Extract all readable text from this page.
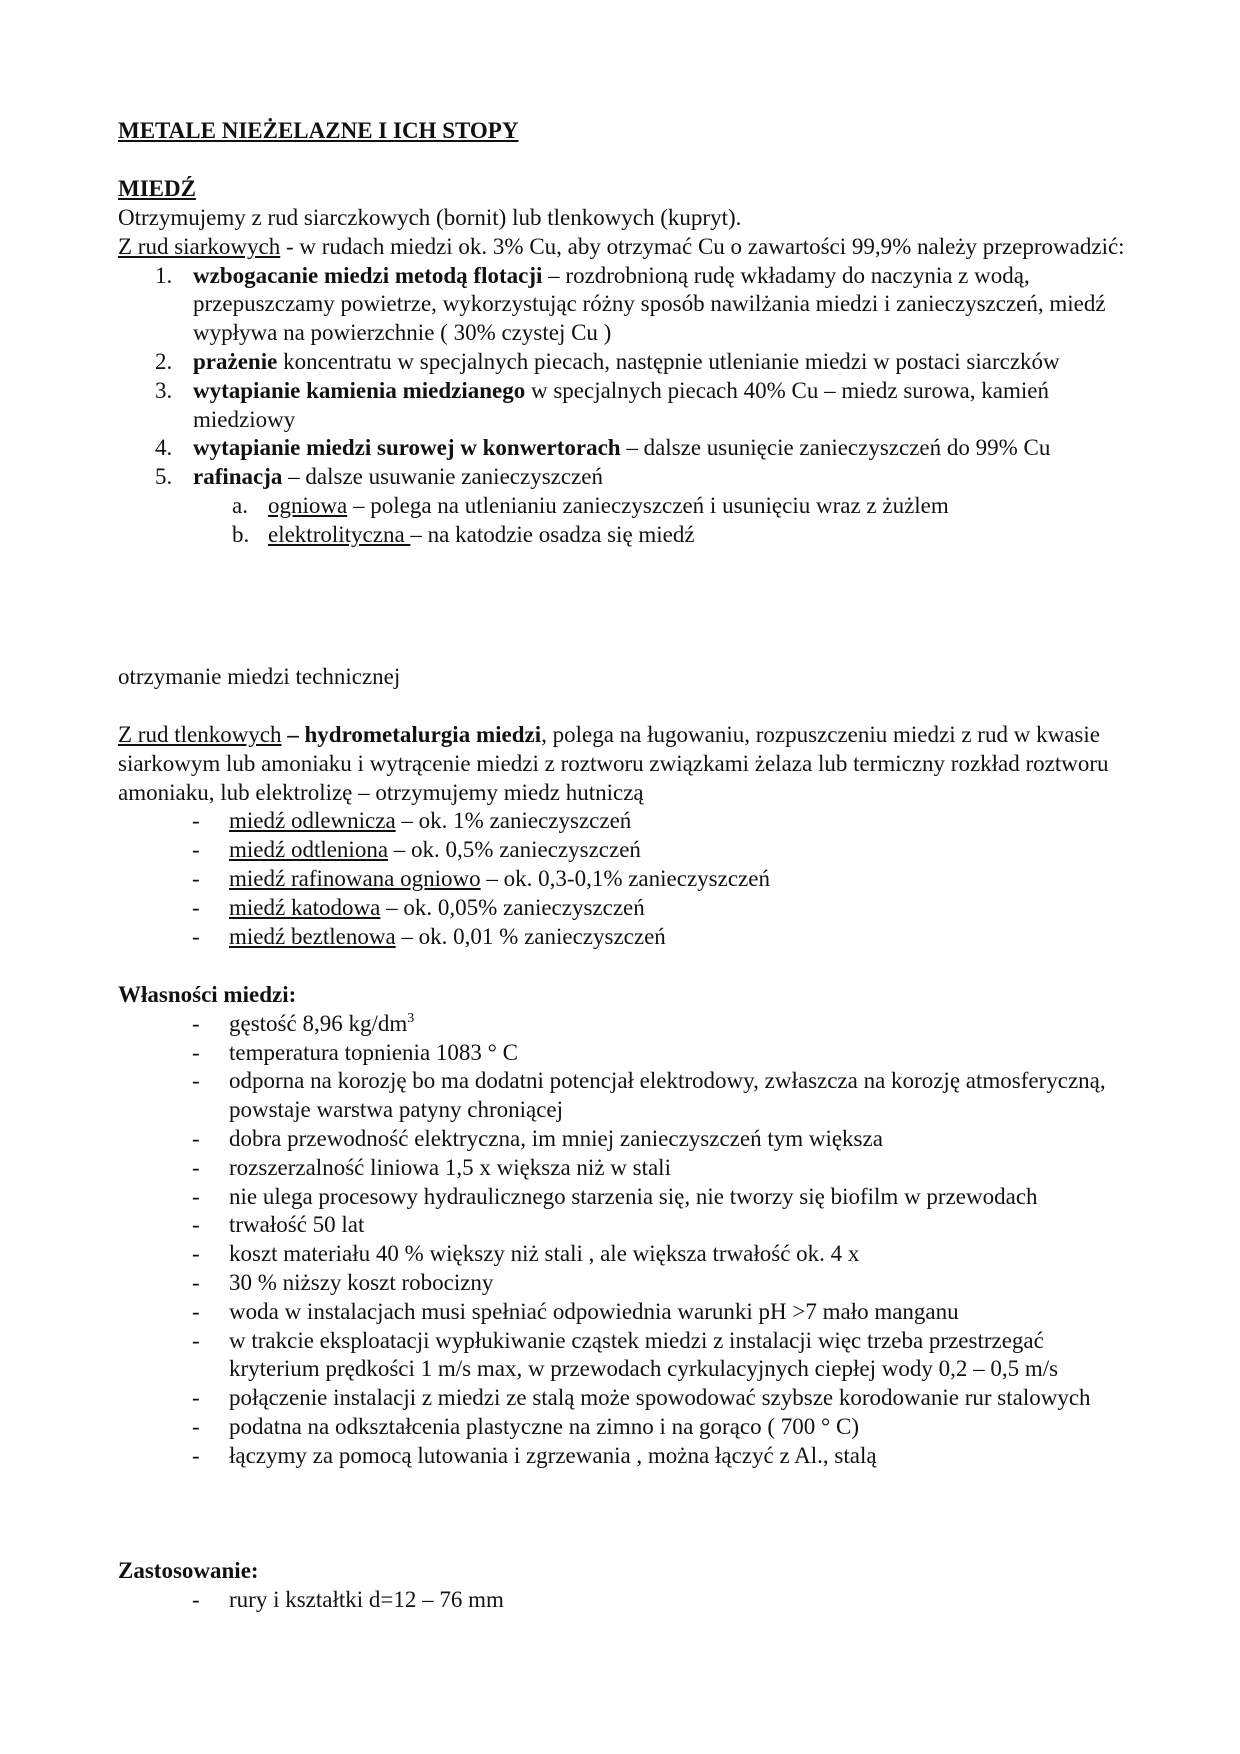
METALE NIEŻELAZNE I ICH STOPY
MIEDŹ

Otrzymujemy z rud siarczkowych (bornit) lub tlenkowych (kupryt).

Z rud siarkowych - w rudach miedzi ok. 3% Cu, aby otrzymać Cu o zawartości 99,9% należy przeprowadzić:

1. wzbogacanie miedzi metodą flotacji – rozdrobnioną rudę wkładamy do naczynia z wodą, przepuszczamy powietrze, wykorzystując różny sposób nawilżania miedzi i zanieczyszczeń, miedź wypływa na powierzchnie ( 30% czystej Cu )
2. prażenie koncentratu w specjalnych piecach, następnie utlenianie miedzi w postaci siarczków
3. wytapianie kamienia miedzianego w specjalnych piecach 40% Cu – miedz surowa, kamień miedziowy
4. wytapianie miedzi surowej w konwertorach – dalsze usunięcie zanieczyszczeń do 99% Cu
5. rafinacja – dalsze usuwanie zanieczyszczeń
a. ogniowa – polega na utlenianiu zanieczyszczeń i usunięciu wraz z żużlem
b. elektrolityczna – na katodzie osadza się miedź

otrzymanie miedzi technicznej

Z rud tlenkowych – hydrometalurgia miedzi, polega na ługowaniu, rozpuszczeniu miedzi z rud w kwasie siarkowym lub amoniaku i wytrącenie miedzi z roztworu związkami żelaza lub termiczny rozkład roztworu amoniaku, lub elektrolizę – otrzymujemy miedz hutniczą

- miedź odlewnicza – ok. 1% zanieczyszczeń
- miedź odtleniona – ok. 0,5% zanieczyszczeń
- miedź rafinowana ogniowo – ok. 0,3-0,1% zanieczyszczeń
- miedź katodowa – ok. 0,05% zanieczyszczeń
- miedź beztlenowa – ok. 0,01 % zanieczyszczeń

Własności miedzi:

- gęstość 8,96 $kg/dm^3$
- temperatura topnienia 1083 ° C
- odporna na korozję bo ma dodatni potencjał elektrodowy, zwłaszcza na korozję atmosferyczną, powstaje warstwa patyny chroniącej
- dobra przewodność elektryczna, im mniej zanieczyszczeń tym większa
- rozszerzalność liniowa 1,5 x większa niż w stali
- nie ulega procesowy hydraulicznego starzenia się, nie tworzy się biofilm w przewodach
- trwałość 50 lat
- koszt materiału 40 % większy niż stali , ale większa trwałość ok. 4 x
- 30 % niższy koszt robocizny
- woda w instalacjach musi spełniać odpowiednia warunki pH >7 mało manganu
- w trakcie eksploatacji wypłukiwanie cząstek miedzi z instalacji więc trzeba przestrzegać kryterium prędkości 1 m/s max, w przewodach cyrkulacyjnych ciepłej wody 0,2 – 0,5 m/s
- połączenie instalacji z miedzi ze stalą może spowodować szybsze korodowanie rur stalowych
- podatna na odkształcenia plastyczne na zimno i na gorąco ( 700 ° C)
- łączymy za pomocą lutowania i zgrzewania , można łączyć z Al., stalą

Zastosowanie:

- rury i kształtki d=12 – 76 mm
